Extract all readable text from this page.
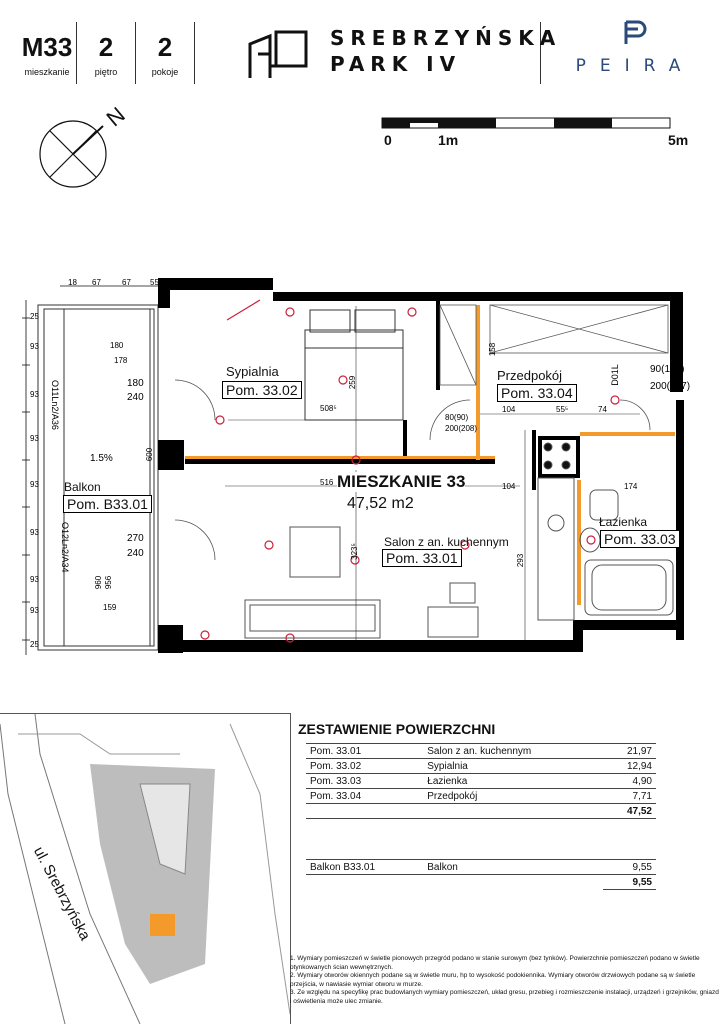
M33
mieszkanie
2
piętro
2
pokoje
SREBRZYŃSKA
PARK IV	PEIRA
N
0	1m	5m
18 67	67 55
180
178
180
240
270
240
159
93
93
93
93
93
93
93
25
25
1.5%
O11Ln2/A36
O12Ln2/A34
960 956
600
508⁵
516
259
323⁵
80(90)
200(208)
90(103)
200(207)
104	55⁵	74
104	174
293
158
D01L
Sypialnia
Pom. 33.02
Przedpokój
Pom. 33.04
Łazienka
Pom. 33.03
Salon z an. kuchennym
Pom. 33.01
Balkon
Pom. B33.01
MIESZKANIE 33
47,52 m2
ul. Srebrzyńska
ZESTAWIENIE POWIERZCHNI
Pom. 33.01	Salon z an. kuchennym	21,97
Pom. 33.02	Sypialnia	12,94
Pom. 33.03	Łazienka	4,90
Pom. 33.04	Przedpokój	7,71
		47,52

Balkon B33.01	Balkon	9,55
		9,55
1. Wymiary pomieszczeń w świetle pionowych przegród podano w stanie surowym (bez tynków). Powierzchnie pomieszczeń podano w świetle otynkowanych ścian wewnętrznych.
2. Wymiary otworów okiennych podane są w świetle muru, hp to wysokość podokiennika. Wymiary otworów drzwiowych podane są w świetle przejścia, w nawiasie wymiar otworu w murze.
3. Ze względu na specyfikę prac budowlanych wymiary pomieszczeń, układ gresu, przebieg i rozmieszczenie instalacji, urządzeń i grzejników, gniazd i oświetlenia może ulec zmianie.
